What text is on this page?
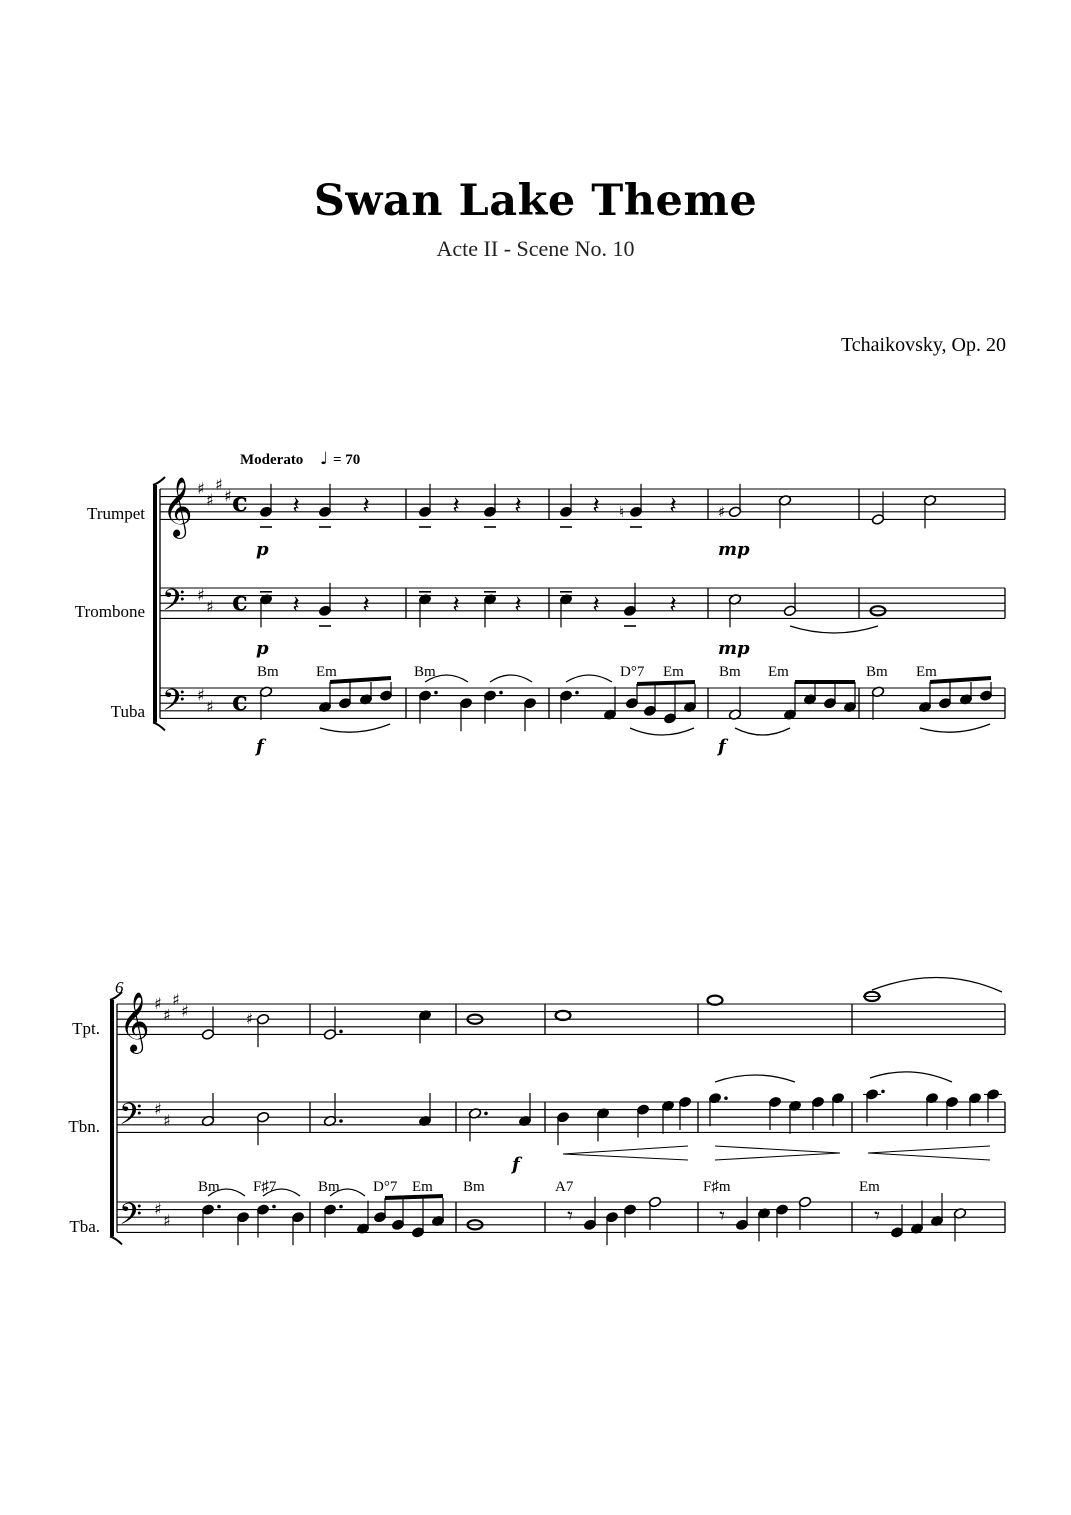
Swan Lake Theme
Acte II - Scene No. 10
Tchaikovsky, Op. 20
Moderato ♩ = 70
Trumpet
Trombone
Tuba
Tpt.
Tbn.
Tba.
6
Bm Em	Bm	D°7 Em Bm Em	Bm Em
Bm F♯7	Bm D°7 Em Bm	A7	F♯m	Em
p	mp
p	mp
f
f	f
𝄞 ♯
♯
♯
♯ c
𝄢 ♯
♯ c
𝄢 ♯
♯ c
𝄽	𝄽	𝄽 𝄽	𝄽 ♮ 𝄽	♯
𝄽	𝄽	𝄽 𝄽	𝄽	𝄽
𝄞 ♯
♯
♯
♯
𝄢 ♯
♯
𝄢 ♯
♯
♯
𝄾	𝄾	𝄾
